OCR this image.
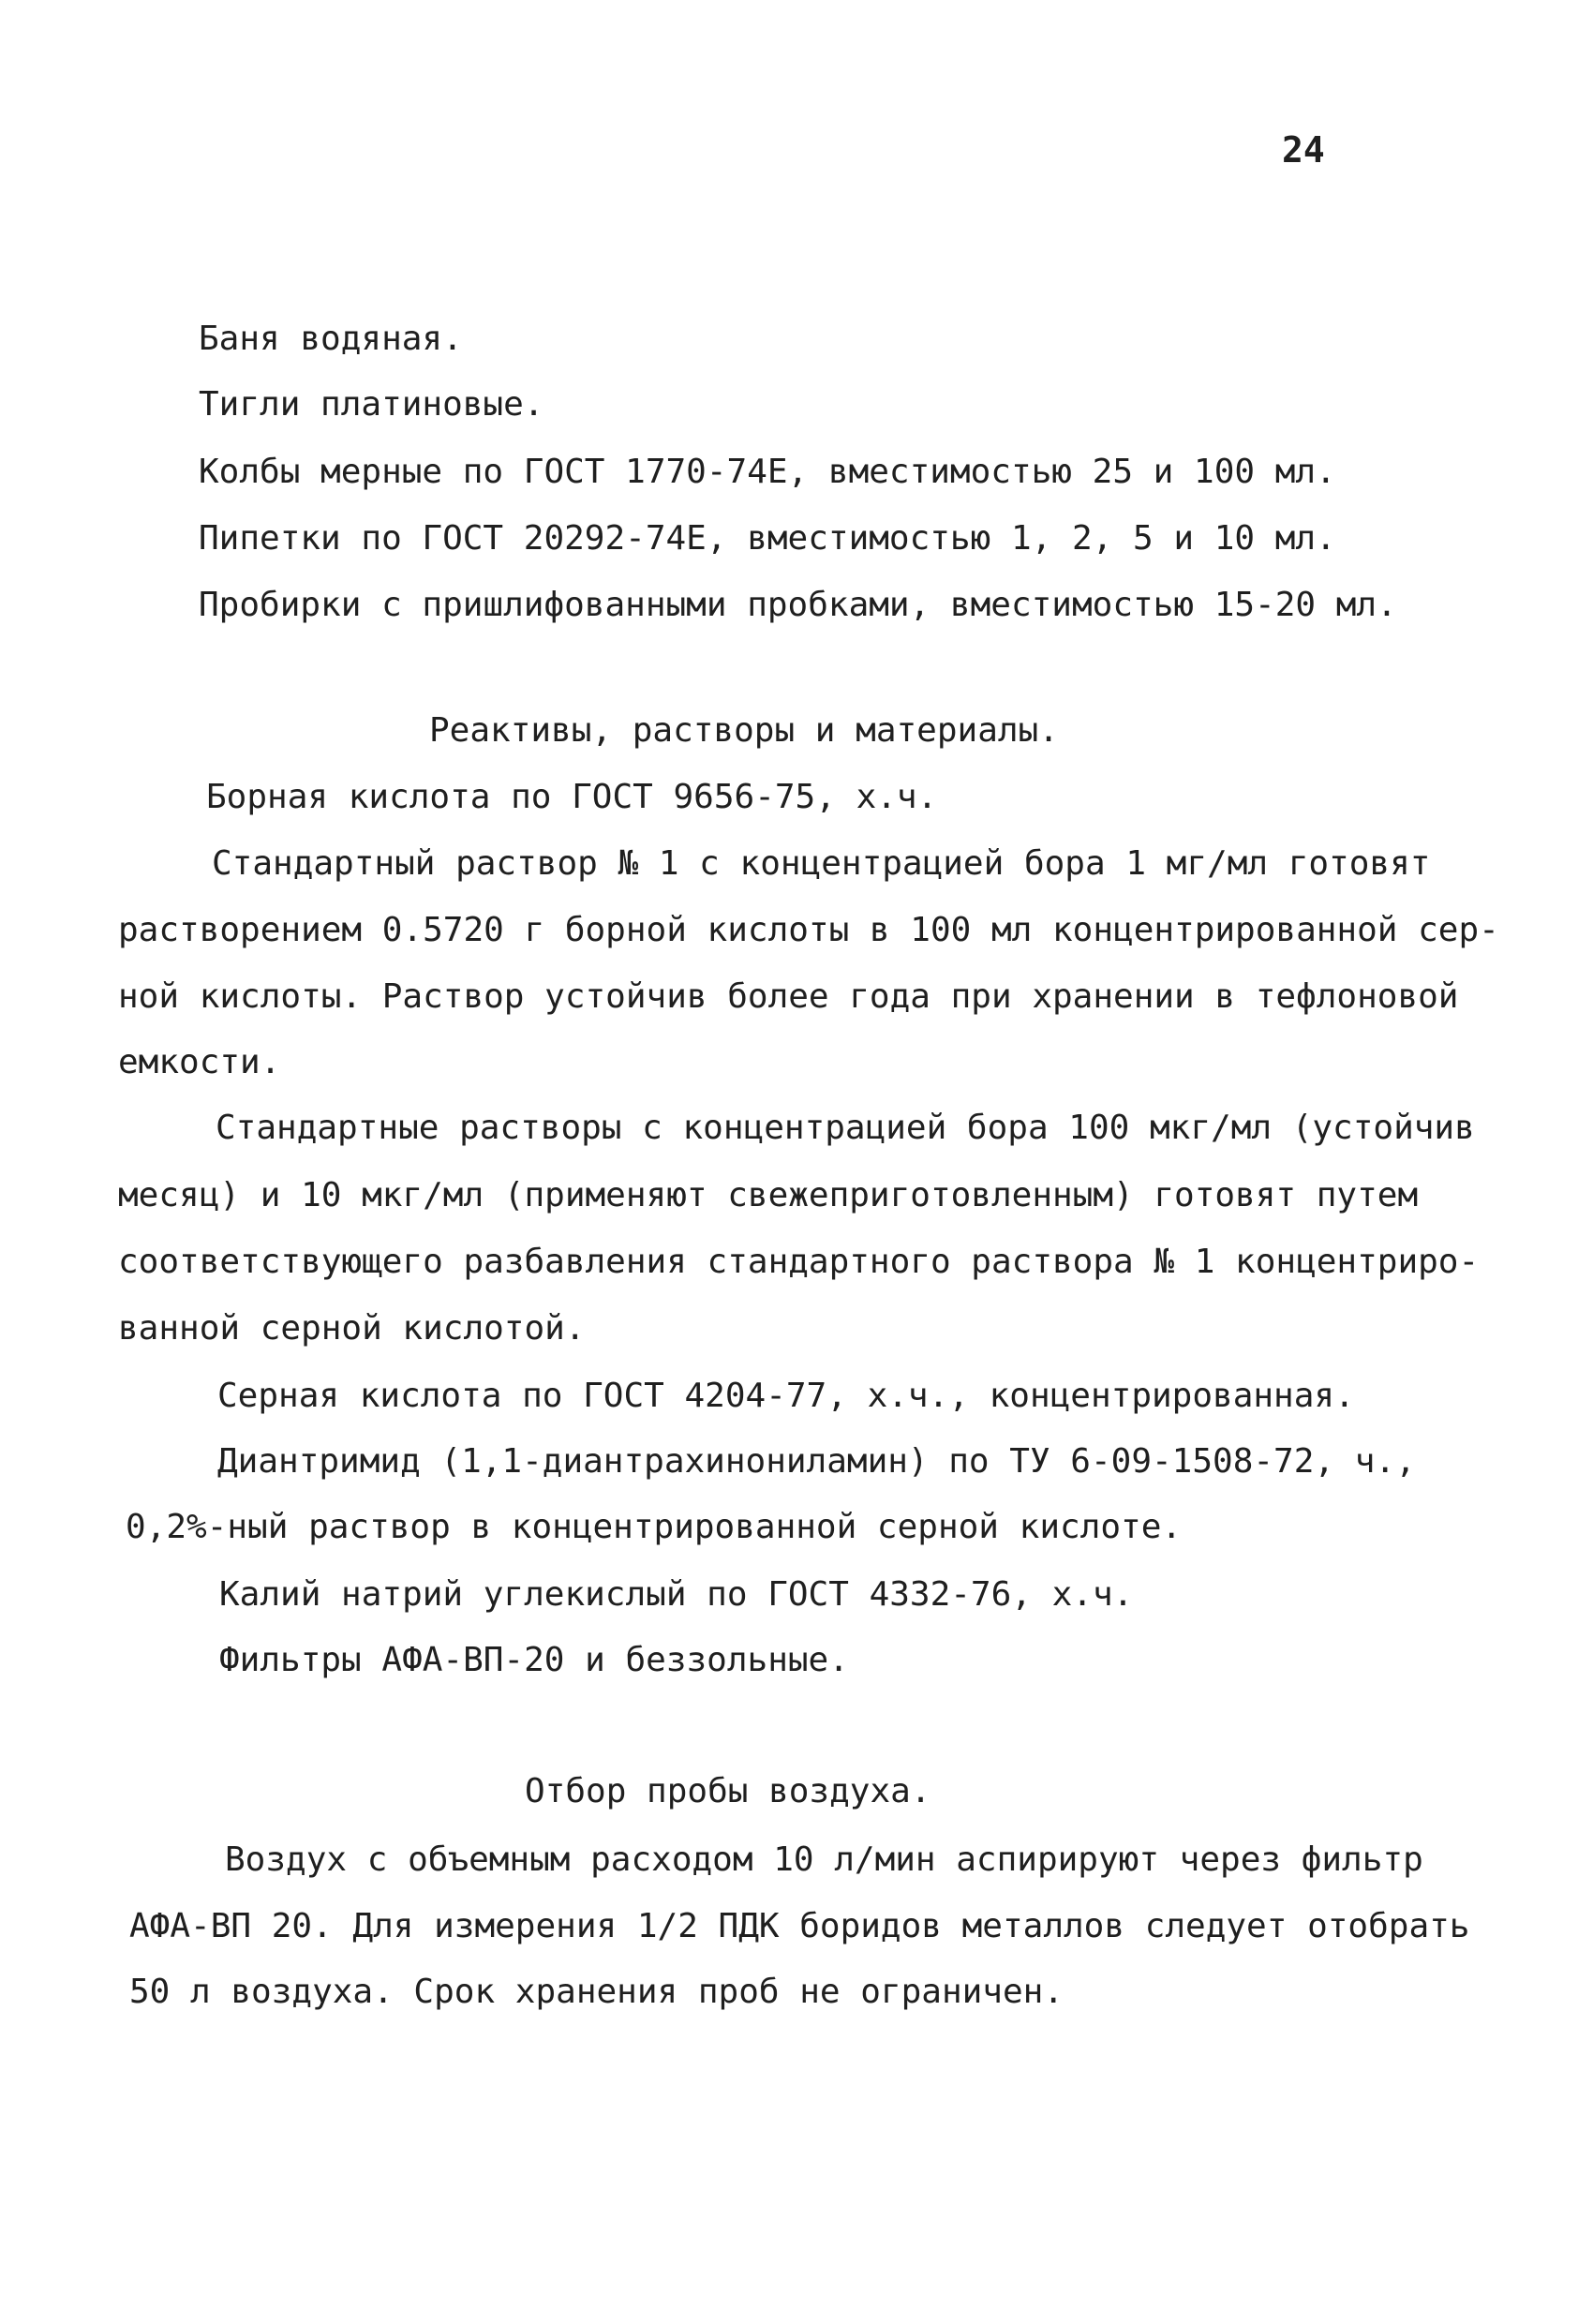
24
Баня водяная.
Тигли платиновые.
Колбы мерные по ГОСТ 1770-74Е, вместимостью 25 и 100 мл.
Пипетки по ГОСТ 20292-74Е, вместимостью 1, 2, 5 и 10 мл.
Пробирки с пришлифованными пробками, вместимостью 15-20 мл.
Реактивы, растворы и материалы.
Борная кислота по ГОСТ 9656-75, х.ч.
Стандартный раствор № 1 с концентрацией бора 1 мг/мл готовят
растворением 0.5720 г борной кислоты в 100 мл концентрированной сер-
ной кислоты. Раствор устойчив более года при хранении в тефлоновой
емкости.
Стандартные растворы с концентрацией бора 100 мкг/мл (устойчив
месяц) и 10 мкг/мл (применяют свежеприготовленным) готовят путем
соответствующего разбавления стандартного раствора № 1 концентриро-
ванной серной кислотой.
Серная кислота по ГОСТ 4204-77, х.ч., концентрированная.
Диантримид (1,1-диантрахинониламин) по ТУ 6-09-1508-72, ч.,
0,2%-ный раствор в концентрированной серной кислоте.
Калий натрий углекислый по ГОСТ 4332-76, х.ч.
Фильтры АФА-ВП-20 и беззольные.
Отбор пробы воздуха.
Воздух с объемным расходом 10 л/мин аспирируют через фильтр
АФА-ВП 20. Для измерения 1/2 ПДК боридов металлов следует отобрать
50 л воздуха. Срок хранения проб не ограничен.
